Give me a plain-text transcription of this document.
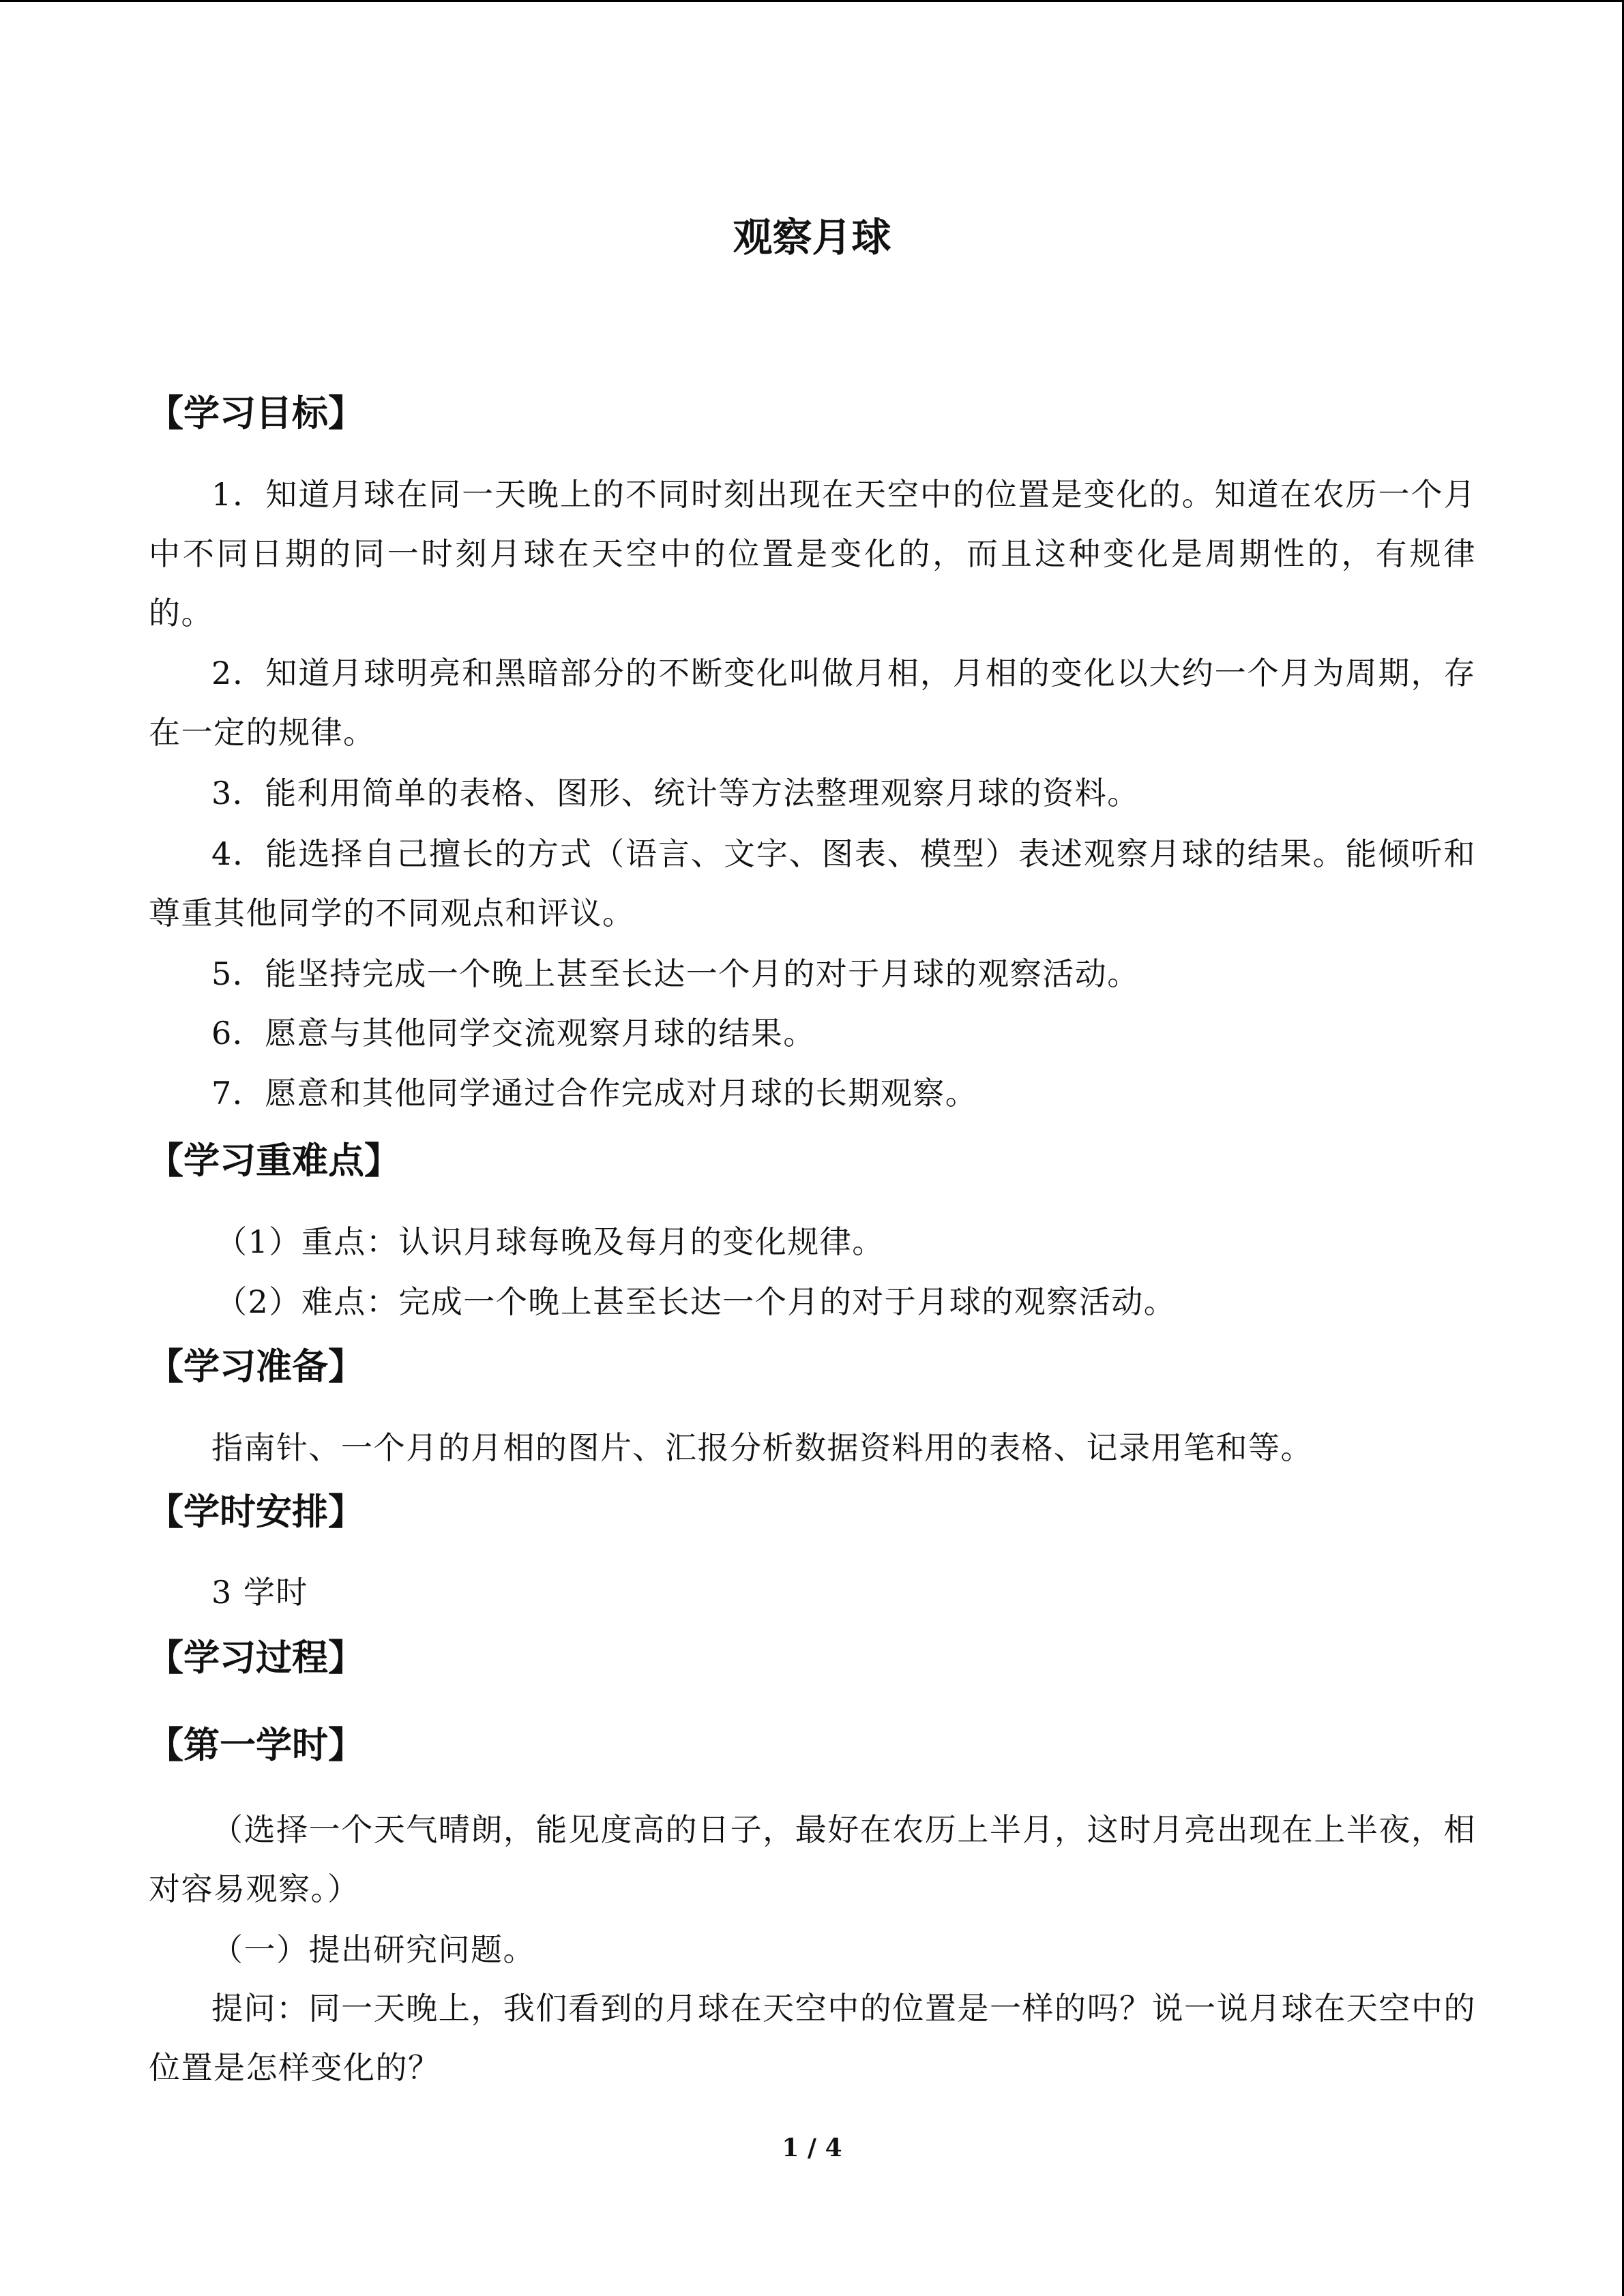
观察月球
【学习目标】
1．知道月球在同一天晚上的不同时刻出现在天空中的位置是变化的。知道在农历一个月中不同日期的同一时刻月球在天空中的位置是变化的，而且这种变化是周期性的，有规律的。
2．知道月球明亮和黑暗部分的不断变化叫做月相，月相的变化以大约一个月为周期，存在一定的规律。
3．能利用简单的表格、图形、统计等方法整理观察月球的资料。
4．能选择自己擅长的方式（语言、文字、图表、模型）表述观察月球的结果。能倾听和尊重其他同学的不同观点和评议。
5．能坚持完成一个晚上甚至长达一个月的对于月球的观察活动。
6．愿意与其他同学交流观察月球的结果。
7．愿意和其他同学通过合作完成对月球的长期观察。
【学习重难点】
（1）重点：认识月球每晚及每月的变化规律。
（2）难点：完成一个晚上甚至长达一个月的对于月球的观察活动。
【学习准备】
指南针、一个月的月相的图片、汇报分析数据资料用的表格、记录用笔和等。
【学时安排】
3 学时
【学习过程】
【第一学时】
（选择一个天气晴朗，能见度高的日子，最好在农历上半月，这时月亮出现在上半夜，相对容易观察。）
（一）提出研究问题。
提问：同一天晚上，我们看到的月球在天空中的位置是一样的吗？说一说月球在天空中的位置是怎样变化的？
1 / 4
